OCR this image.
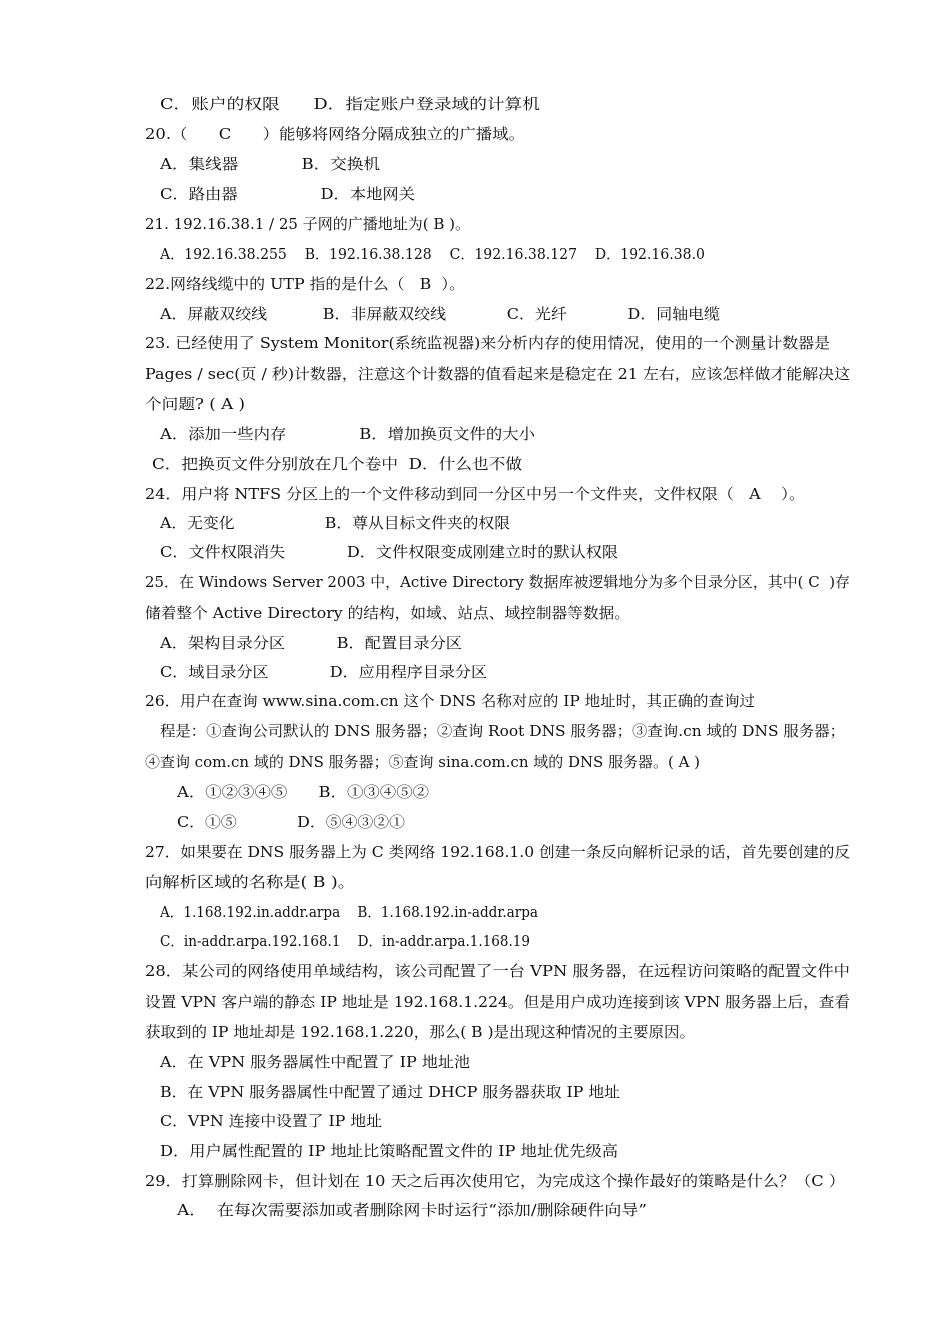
C．账户的权限      D．指定账户登录域的计算机
20.（      C      ）能够将网络分隔成独立的广播域。
A．集线器            B．交换机
C．路由器                D．本地网关
21. 192.16.38.1 / 25 子网的广播地址为( B )。
A．192.16.38.255    B．192.16.38.128    C．192.16.38.127    D．192.16.38.0
22.网络线缆中的 UTP 指的是什么（   B  ）。
A．屏蔽双绞线           B．非屏蔽双绞线            C．光纤            D．同轴电缆
23. 已经使用了 System Monitor(系统监视器)来分析内存的使用情况，使用的一个测量计数器是
Pages / sec(页 / 秒)计数器，注意这个计数器的值看起来是稳定在 21 左右，应该怎样做才能解决这
个问题? ( A )
A．添加一些内存              B．增加换页文件的大小
C．把换页文件分别放在几个卷中  D．什么也不做
24．用户将 NTFS 分区上的一个文件移动到同一分区中另一个文件夹，文件权限（   A    ）。
A．无变化                  B．尊从目标文件夹的权限
C．文件权限消失            D．文件权限变成刚建立时的默认权限
25．在 Windows Server 2003 中，Active Directory 数据库被逻辑地分为多个目录分区，其中( C  )存
储着整个 Active Directory 的结构，如域、站点、域控制器等数据。
A．架构目录分区          B．配置目录分区
C．域目录分区            D．应用程序目录分区
26．用户在查询 www.sina.com.cn 这个 DNS 名称对应的 IP 地址时，其正确的查询过
程是：①查询公司默认的 DNS 服务器；②查询 Root DNS 服务器；③查询.cn 域的 DNS 服务器；
④查询 com.cn 域的 DNS 服务器；⑤查询 sina.com.cn 域的 DNS 服务器。( A )
A．①②③④⑤      B．①③④⑤②
C．①⑤            D．⑤④③②①
27．如果要在 DNS 服务器上为 C 类网络 192.168.1.0 创建一条反向解析记录的话，首先要创建的反
向解析区域的名称是( B )。
A．1.168.192.in.addr.arpa    B．1.168.192.in-addr.arpa
C．in-addr.arpa.192.168.1    D．in-addr.arpa.1.168.19
28．某公司的网络使用单域结构，该公司配置了一台 VPN 服务器，在远程访问策略的配置文件中
设置 VPN 客户端的静态 IP 地址是 192.168.1.224。但是用户成功连接到该 VPN 服务器上后，查看
获取到的 IP 地址却是 192.168.1.220，那么( B )是出现这种情况的主要原因。
A．在 VPN 服务器属性中配置了 IP 地址池
B．在 VPN 服务器属性中配置了通过 DHCP 服务器获取 IP 地址
C．VPN 连接中设置了 IP 地址
D．用户属性配置的 IP 地址比策略配置文件的 IP 地址优先级高
29．打算删除网卡，但计划在 10 天之后再次使用它，为完成这个操作最好的策略是什么？（C ）
A．  在每次需要添加或者删除网卡时运行“添加/删除硬件向导”
